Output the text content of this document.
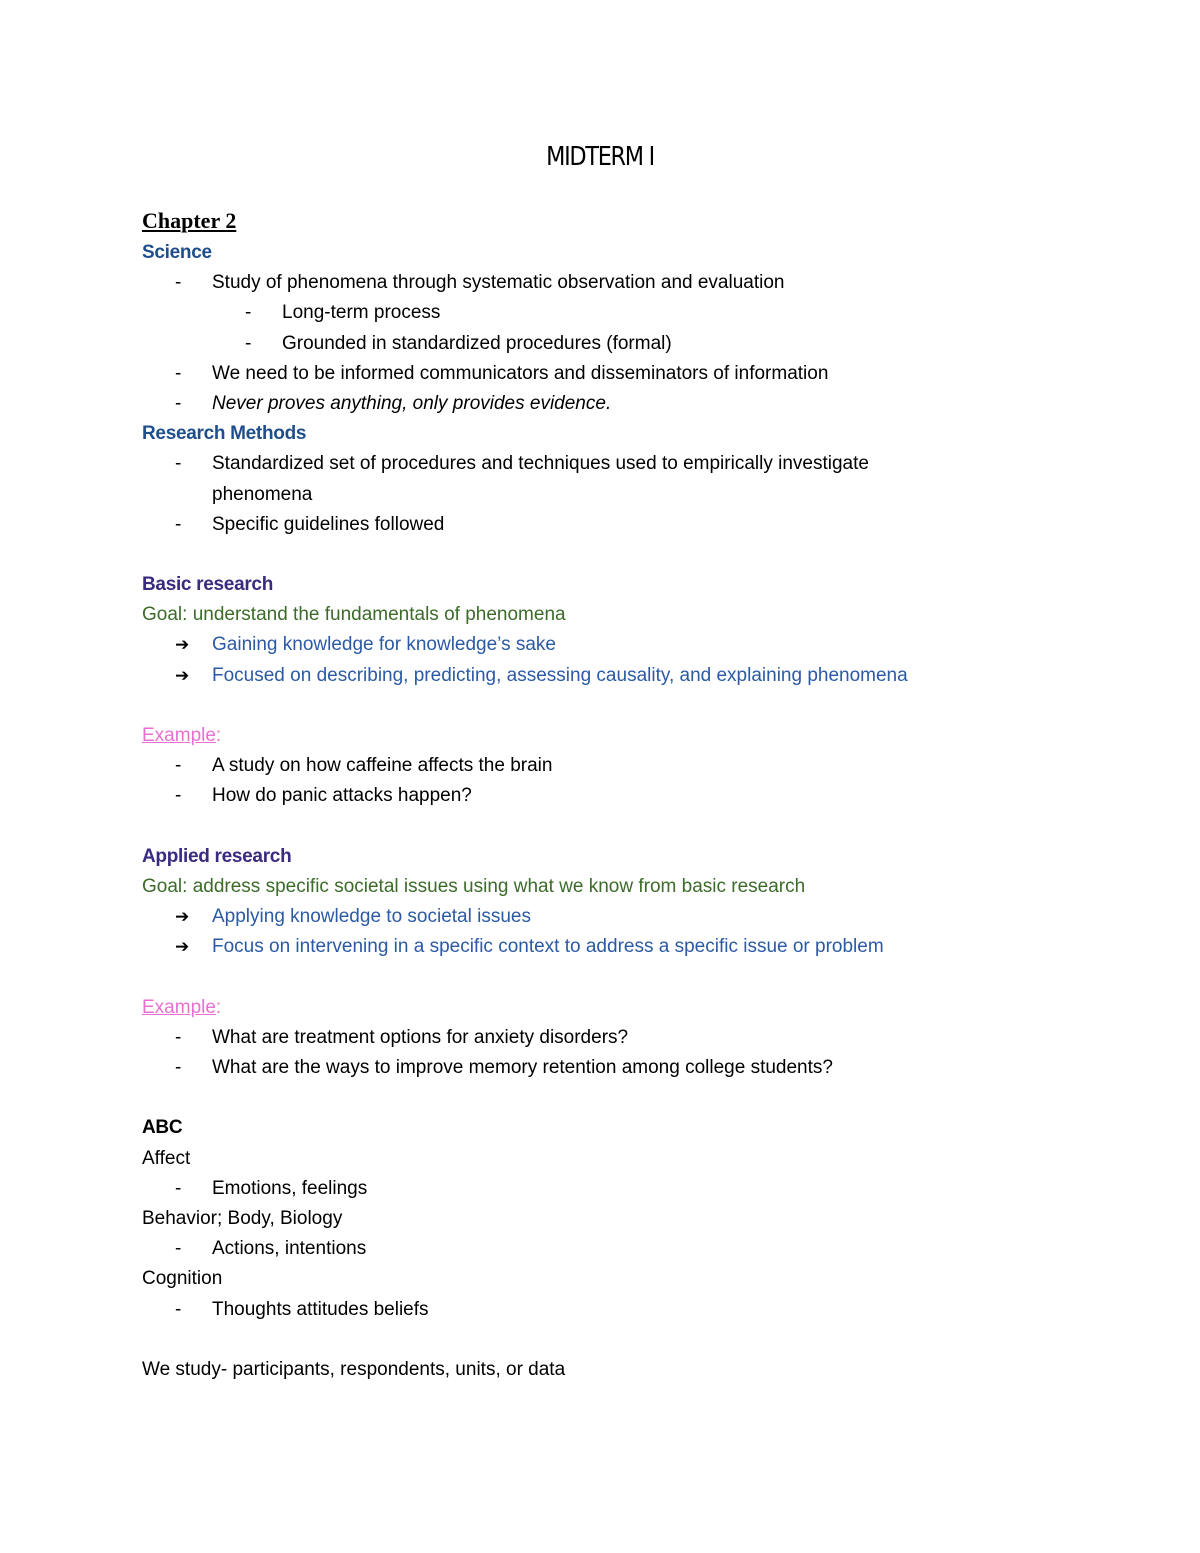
MIDTERM I
Chapter 2
Science
-	Study of phenomena through systematic observation and evaluation
-	Long-term process
-	Grounded in standardized procedures (formal)
-	We need to be informed communicators and disseminators of information
-	Never proves anything, only provides evidence.
Research Methods
-	Standardized set of procedures and techniques used to empirically investigate
phenomena
-	Specific guidelines followed
Basic research
Goal: understand the fundamentals of phenomena
➔	Gaining knowledge for knowledge’s sake
➔	Focused on describing, predicting, assessing causality, and explaining phenomena
Example:
-	A study on how caffeine affects the brain
-	How do panic attacks happen?
Applied research
Goal: address specific societal issues using what we know from basic research
➔	Applying knowledge to societal issues
➔	Focus on intervening in a specific context to address a specific issue or problem
Example:
-	What are treatment options for anxiety disorders?
-	What are the ways to improve memory retention among college students?
ABC
Affect
-	Emotions, feelings
Behavior; Body, Biology
-	Actions, intentions
Cognition
-	Thoughts attitudes beliefs
We study- participants, respondents, units, or data
